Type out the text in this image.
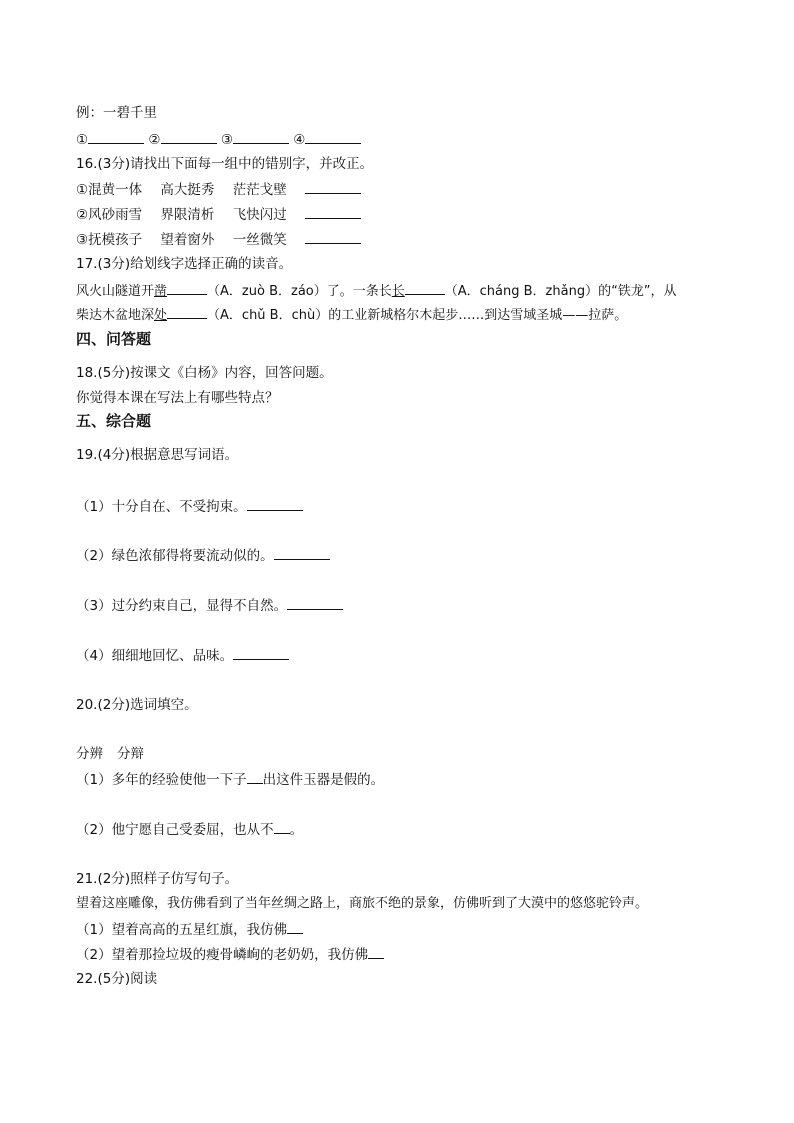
例：一碧千里
①	②	③	④
16.(3分)请找出下面每一组中的错别字，并改正。
①混黄一体 高大挺秀 茫茫戈壁
②风砂雨雪 界限清析 飞快闪过
③抚模孩子 望着窗外 一丝微笑
17.(3分)给划线字选择正确的读音。
风火山隧道开凿	（A．zuò B．záo）了。一条长长	（A．cháng B．zhǎng）的“铁龙”，从
柴达木盆地深处	（A．chǔ B．chù）的工业新城格尔木起步……到达雪域圣城——拉萨。
四、问答题
18.(5分)按课文《白杨》内容，回答问题。
你觉得本课在写法上有哪些特点？
五、综合题
19.(4分)根据意思写词语。
（1）十分自在、不受拘束。
（2）绿色浓郁得将要流动似的。
（3）过分约束自己，显得不自然。
（4）细细地回忆、品味。
20.(2分)选词填空。
分辨 分辩
（1）多年的经验使他一下子 出这件玉器是假的。
（2）他宁愿自己受委屈，也从不 。
21.(2分)照样子仿写句子。
望着这座雕像，我仿佛看到了当年丝绸之路上，商旅不绝的景象，仿佛听到了大漠中的悠悠驼铃声。
（1）望着高高的五星红旗，我仿佛
（2）望着那捡垃圾的瘦骨嶙峋的老奶奶，我仿佛
22.(5分)阅读
